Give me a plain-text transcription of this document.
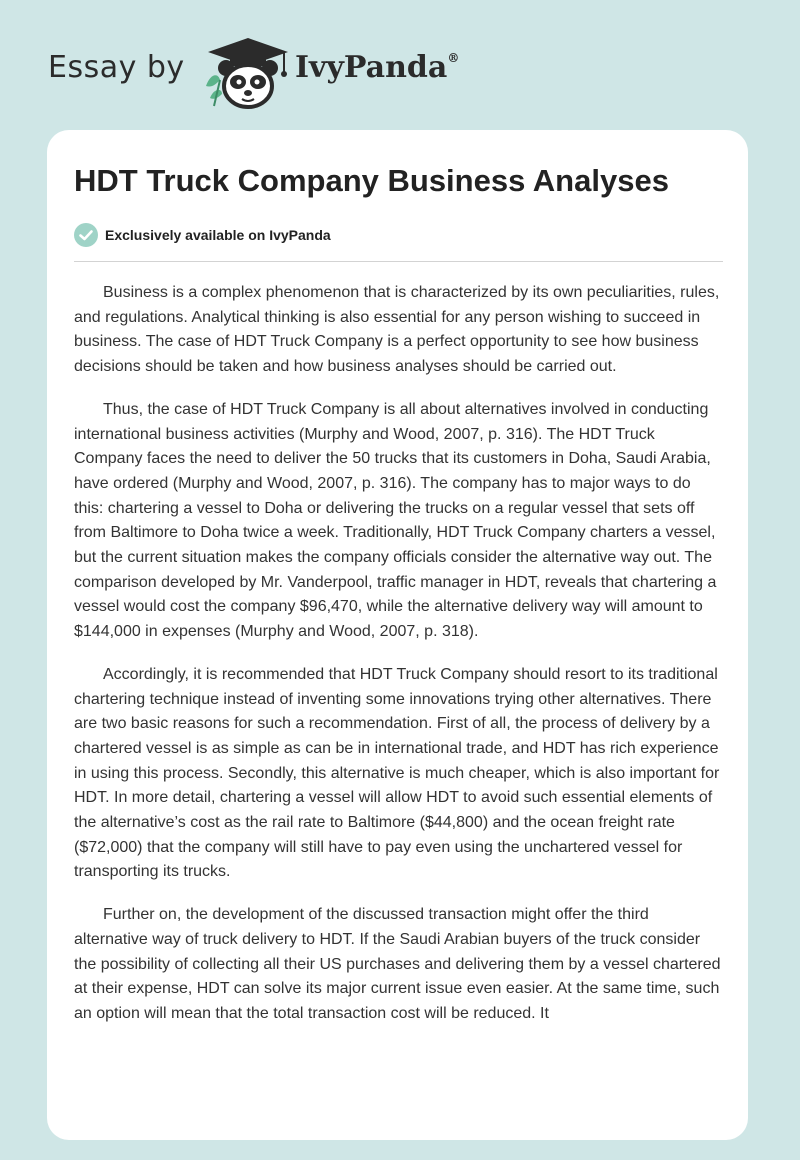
Essay by	IvyPanda®
HDT Truck Company Business Analyses
Exclusively available on IvyPanda

Business is a complex phenomenon that is characterized by its own peculiarities, rules, and regulations. Analytical thinking is also essential for any person wishing to succeed in business. The case of HDT Truck Company is a perfect opportunity to see how business decisions should be taken and how business analyses should be carried out.

Thus, the case of HDT Truck Company is all about alternatives involved in conducting international business activities (Murphy and Wood, 2007, p. 316). The HDT Truck Company faces the need to deliver the 50 trucks that its customers in Doha, Saudi Arabia, have ordered (Murphy and Wood, 2007, p. 316). The company has to major ways to do this: chartering a vessel to Doha or delivering the trucks on a regular vessel that sets off from Baltimore to Doha twice a week. Traditionally, HDT Truck Company charters a vessel, but the current situation makes the company officials consider the alternative way out. The comparison developed by Mr. Vanderpool, traffic manager in HDT, reveals that chartering a vessel would cost the company $96,470, while the alternative delivery way will amount to $144,000 in expenses (Murphy and Wood, 2007, p. 318).

Accordingly, it is recommended that HDT Truck Company should resort to its traditional chartering technique instead of inventing some innovations trying other alternatives. There are two basic reasons for such a recommendation. First of all, the process of delivery by a chartered vessel is as simple as can be in international trade, and HDT has rich experience in using this process. Secondly, this alternative is much cheaper, which is also important for HDT. In more detail, chartering a vessel will allow HDT to avoid such essential elements of the alternative’s cost as the rail rate to Baltimore ($44,800) and the ocean freight rate ($72,000) that the company will still have to pay even using the unchartered vessel for transporting its trucks.

Further on, the development of the discussed transaction might offer the third alternative way of truck delivery to HDT. If the Saudi Arabian buyers of the truck consider the possibility of collecting all their US purchases and delivering them by a vessel chartered at their expense, HDT can solve its major current issue even easier. At the same time, such an option will mean that the total transaction cost will be reduced. It
